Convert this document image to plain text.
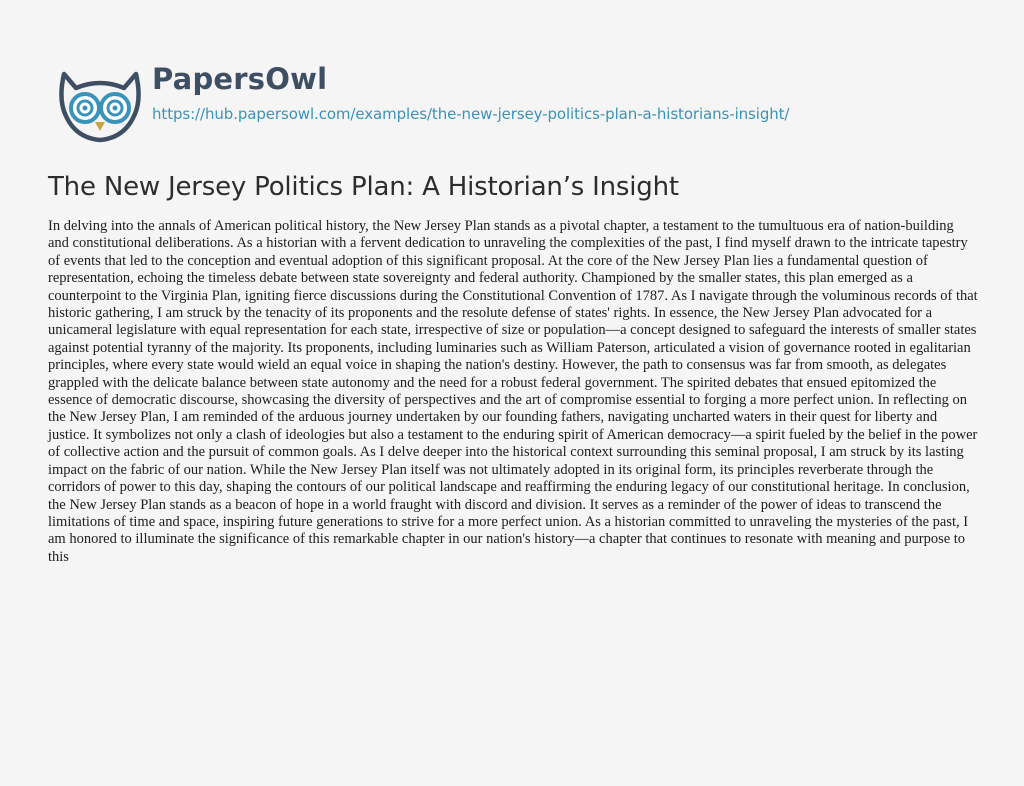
PapersOwl
https://hub.papersowl.com/examples/the-new-jersey-politics-plan-a-historians-insight/
The New Jersey Politics Plan: A Historian’s Insight

In delving into the annals of American political history, the New Jersey Plan stands as a pivotal chapter, a testament to the tumultuous era of nation-building and constitutional deliberations. As a historian with a fervent dedication to unraveling the complexities of the past, I find myself drawn to the intricate tapestry of events that led to the conception and eventual adoption of this significant proposal. At the core of the New Jersey Plan lies a fundamental question of representation, echoing the timeless debate between state sovereignty and federal authority. Championed by the smaller states, this plan emerged as a counterpoint to the Virginia Plan, igniting fierce discussions during the Constitutional Convention of 1787. As I navigate through the voluminous records of that historic gathering, I am struck by the tenacity of its proponents and the resolute defense of states' rights. In essence, the New Jersey Plan advocated for a unicameral legislature with equal representation for each state, irrespective of size or population—a concept designed to safeguard the interests of smaller states against potential tyranny of the majority. Its proponents, including luminaries such as William Paterson, articulated a vision of governance rooted in egalitarian principles, where every state would wield an equal voice in shaping the nation's destiny. However, the path to consensus was far from smooth, as delegates grappled with the delicate balance between state autonomy and the need for a robust federal government. The spirited debates that ensued epitomized the essence of democratic discourse, showcasing the diversity of perspectives and the art of compromise essential to forging a more perfect union. In reflecting on the New Jersey Plan, I am reminded of the arduous journey undertaken by our founding fathers, navigating uncharted waters in their quest for liberty and justice. It symbolizes not only a clash of ideologies but also a testament to the enduring spirit of American democracy—a spirit fueled by the belief in the power of collective action and the pursuit of common goals. As I delve deeper into the historical context surrounding this seminal proposal, I am struck by its lasting impact on the fabric of our nation. While the New Jersey Plan itself was not ultimately adopted in its original form, its principles reverberate through the corridors of power to this day, shaping the contours of our political landscape and reaffirming the enduring legacy of our constitutional heritage. In conclusion, the New Jersey Plan stands as a beacon of hope in a world fraught with discord and division. It serves as a reminder of the power of ideas to transcend the limitations of time and space, inspiring future generations to strive for a more perfect union. As a historian committed to unraveling the mysteries of the past, I am honored to illuminate the significance of this remarkable chapter in our nation's history—a chapter that continues to resonate with meaning and purpose to this
